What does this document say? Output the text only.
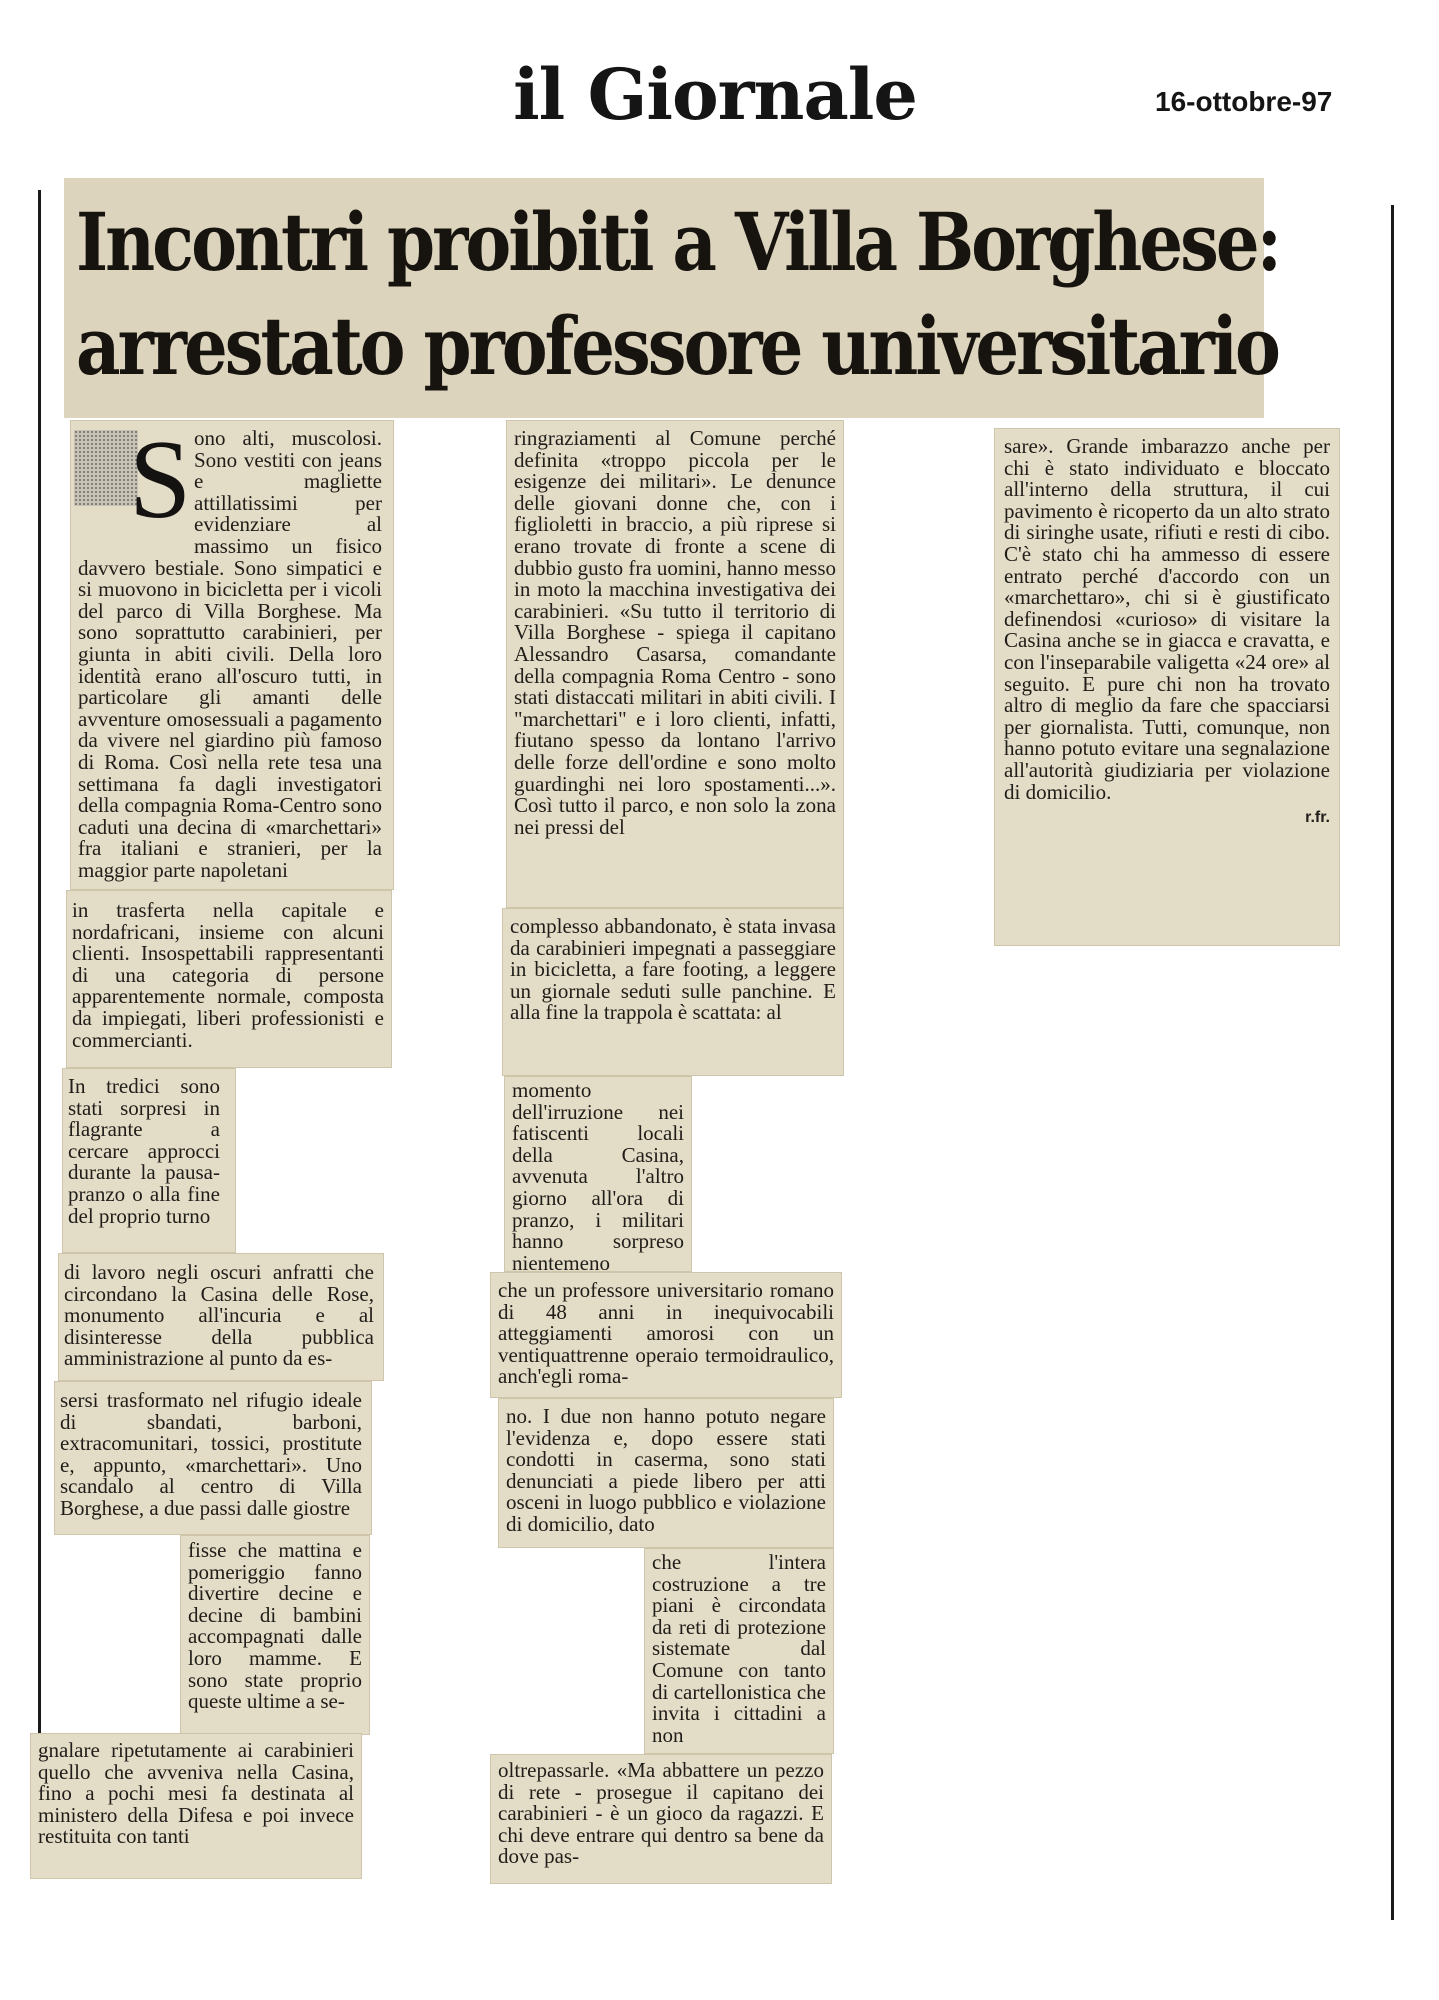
il Giornale	16-ottobre-97
Incontri proibiti a Villa Borghese:
arrestato professore universitario
S ono alti, muscolosi. Sono vestiti con jeans e magliette attillatissimi per evidenziare al massimo un fisico davvero bestiale. Sono simpatici e si muovono in bicicletta per i vicoli del parco di Villa Borghese. Ma sono soprattutto carabinieri, per giunta in abiti civili. Della loro identità erano all'oscuro tutti, in particolare gli amanti delle avventure omosessuali a pagamento da vivere nel giardino più famoso di Roma. Così nella rete tesa una settimana fa dagli investigatori della compagnia Roma-Centro sono caduti una decina di «marchettari» fra italiani e stranieri, per la maggior parte napoletani

in trasferta nella capitale e nordafricani, insieme con alcuni clienti. Insospettabili rappresentanti di una categoria di persone apparentemente normale, composta da impiegati, liberi professionisti e commercianti.

In tredici sono stati sorpresi in flagrante a cercare approcci durante la pausa-pranzo o alla fine del proprio turno

di lavoro negli oscuri anfratti che circondano la Casina delle Rose, monumento all'incuria e al disinteresse della pubblica amministrazione al punto da es-

sersi trasformato nel rifugio ideale di sbandati, barboni, extracomunitari, tossici, prostitute e, appunto, «marchettari». Uno scandalo al centro di Villa Borghese, a due passi dalle giostre

fisse che mattina e pomeriggio fanno divertire decine e decine di bambini accompagnati dalle loro mamme. E sono state proprio queste ultime a se-

gnalare ripetutamente ai carabinieri quello che avveniva nella Casina, fino a pochi mesi fa destinata al ministero della Difesa e poi invece restituita con tanti

ringraziamenti al Comune perché definita «troppo piccola per le esigenze dei militari». Le denunce delle giovani donne che, con i figlioletti in braccio, a più riprese si erano trovate di fronte a scene di dubbio gusto fra uomini, hanno messo in moto la macchina investigativa dei carabinieri. «Su tutto il territorio di Villa Borghese - spiega il capitano Alessandro Casarsa, comandante della compagnia Roma Centro - sono stati distaccati militari in abiti civili. I "marchettari" e i loro clienti, infatti, fiutano spesso da lontano l'arrivo delle forze dell'ordine e sono molto guardinghi nei loro spostamenti...». Così tutto il parco, e non solo la zona nei pressi del

complesso abbandonato, è stata invasa da carabinieri impegnati a passeggiare in bicicletta, a fare footing, a leggere un giornale seduti sulle panchine. E alla fine la trappola è scattata: al

momento dell'irruzione nei fatiscenti locali della Casina, avvenuta l'altro giorno all'ora di pranzo, i militari hanno sorpreso nientemeno

che un professore universitario romano di 48 anni in inequivocabili atteggiamenti amorosi con un ventiquattrenne operaio termoidraulico, anch'egli roma-

no. I due non hanno potuto negare l'evidenza e, dopo essere stati condotti in caserma, sono stati denunciati a piede libero per atti osceni in luogo pubblico e violazione di domicilio, dato

che l'intera costruzione a tre piani è circondata da reti di protezione sistemate dal Comune con tanto di cartellonistica che invita i cittadini a non

oltrepassarle. «Ma abbattere un pezzo di rete - prosegue il capitano dei carabinieri - è un gioco da ragazzi. E chi deve entrare qui dentro sa bene da dove pas-

sare». Grande imbarazzo anche per chi è stato individuato e bloccato all'interno della struttura, il cui pavimento è ricoperto da un alto strato di siringhe usate, rifiuti e resti di cibo. C'è stato chi ha ammesso di essere entrato perché d'accordo con un «marchettaro», chi si è giustificato definendosi «curioso» di visitare la Casina anche se in giacca e cravatta, e con l'inseparabile valigetta «24 ore» al seguito. E pure chi non ha trovato altro di meglio da fare che spacciarsi per giornalista. Tutti, comunque, non hanno potuto evitare una segnalazione all'autorità giudiziaria per violazione di domicilio.

r.fr.
